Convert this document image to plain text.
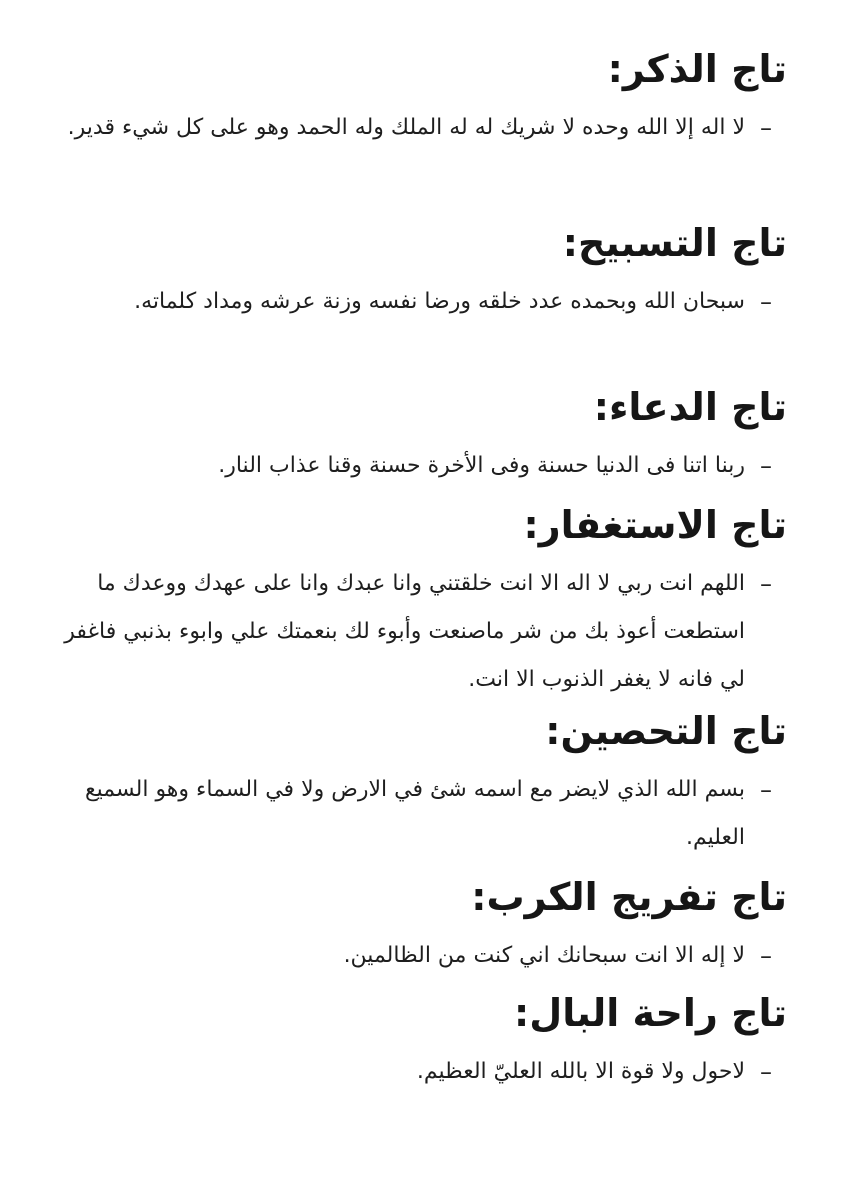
تاج الذكر:
–
لا اله إلا الله وحده لا شريك له له الملك وله الحمد وهو على كل شيء قدير.
تاج التسبيح:
–
سبحان الله وبحمده عدد خلقه ورضا نفسه وزنة عرشه ومداد كلماته.
تاج الدعاء:
–
ربنا اتنا فى الدنيا حسنة وفى الأخرة حسنة وقنا عذاب النار.
تاج الاستغفار:
–
اللهم انت ربي لا اله الا انت خلقتني وانا عبدك وانا على عهدك ووعدك ما استطعت أعوذ بك من شر ماصنعت وأبوء لك بنعمتك علي وابوء بذنبي فاغفر لي فانه لا يغفر الذنوب الا انت.
تاج التحصين:
–
بسم الله الذي لايضر مع اسمه شئ في الارض ولا في السماء وهو السميع العليم.
تاج تفريج الكرب:
–
لا إله الا انت سبحانك اني كنت من الظالمين.
تاج راحة البال:
–
لاحول ولا قوة الا بالله العليّ العظيم.
